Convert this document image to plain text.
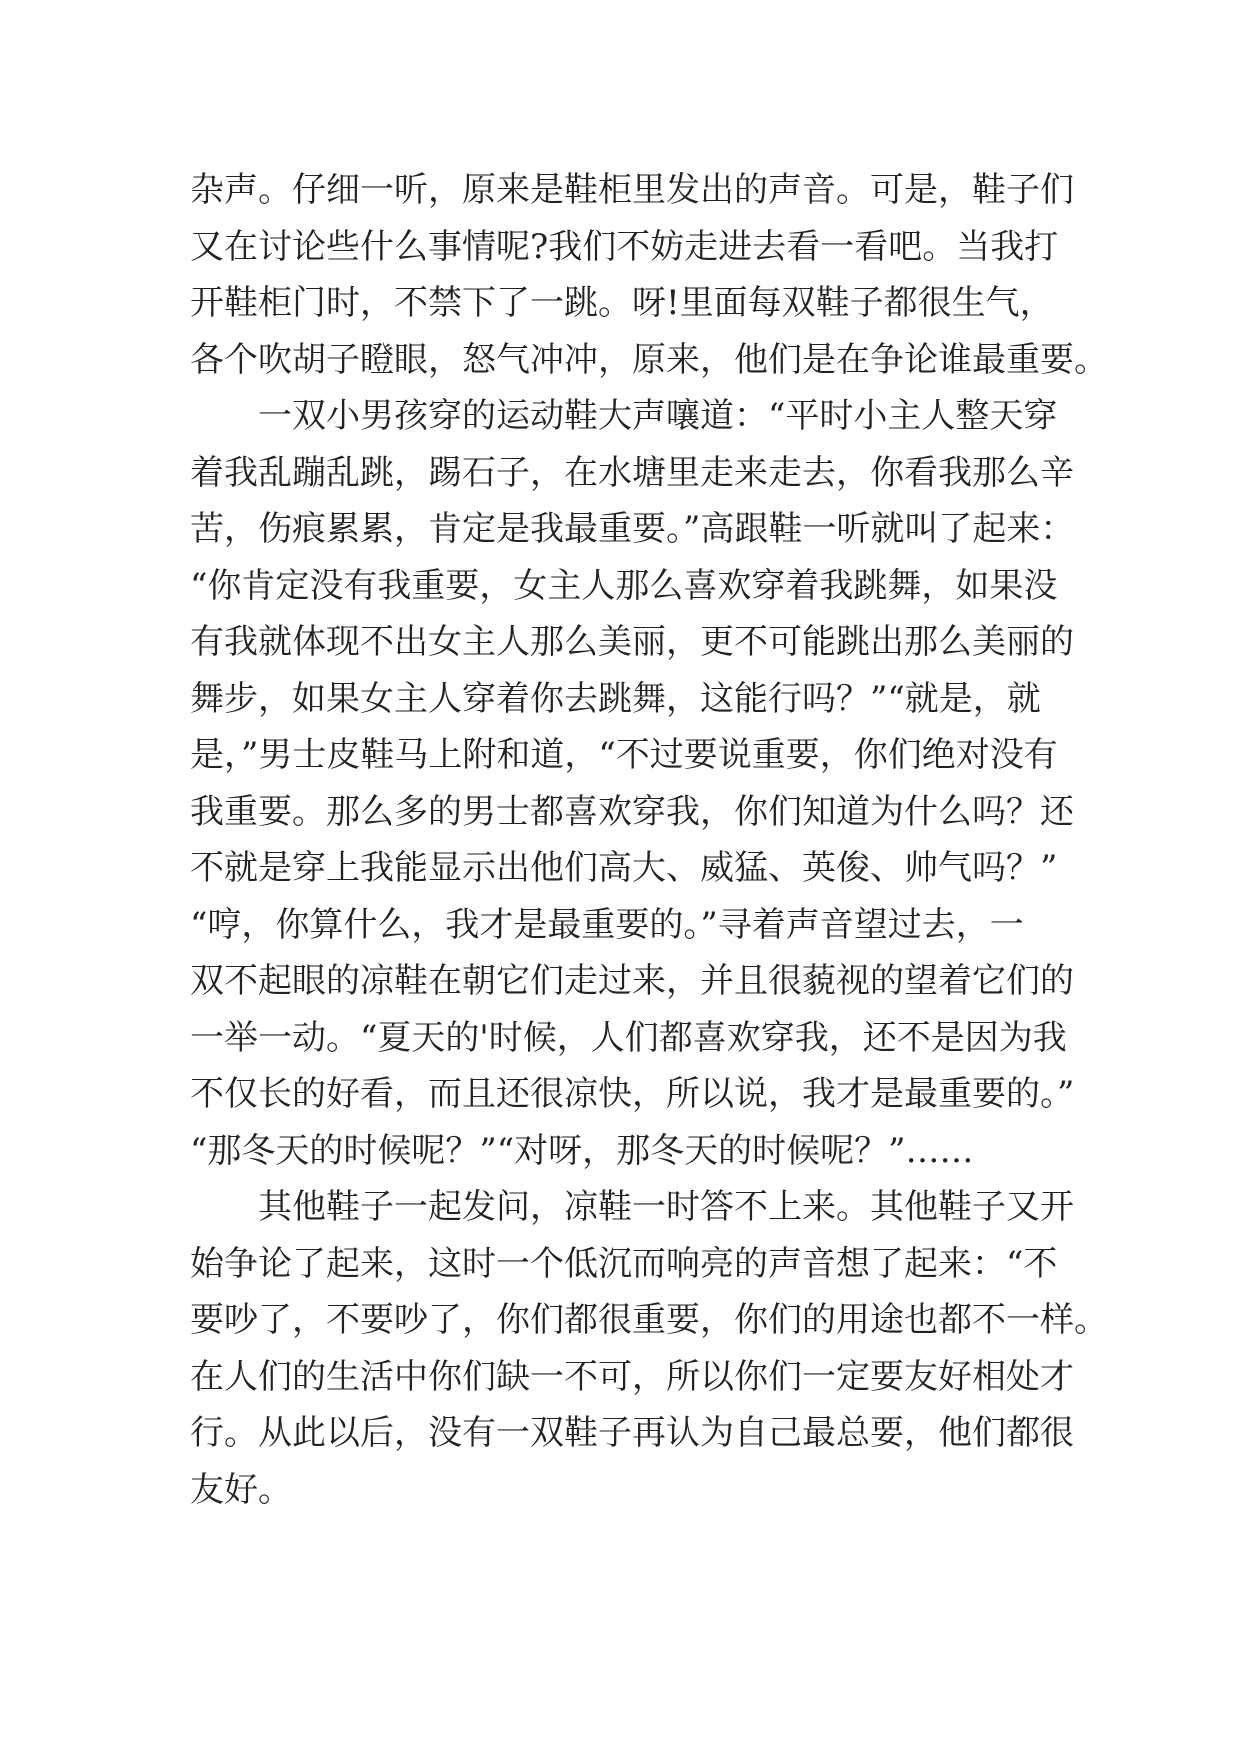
杂声。仔细一听，原来是鞋柜里发出的声音。可是，鞋子们
又在讨论些什么事情呢?我们不妨走进去看一看吧。当我打
开鞋柜门时，不禁下了一跳。呀!里面每双鞋子都很生气，
各个吹胡子瞪眼，怒气冲冲，原来，他们是在争论谁最重要。

一双小男孩穿的运动鞋大声嚷道：“平时小主人整天穿
着我乱蹦乱跳，踢石子，在水塘里走来走去，你看我那么辛
苦，伤痕累累，肯定是我最重要。”高跟鞋一听就叫了起来：
“你肯定没有我重要，女主人那么喜欢穿着我跳舞，如果没
有我就体现不出女主人那么美丽，更不可能跳出那么美丽的
舞步，如果女主人穿着你去跳舞，这能行吗？”“就是，就
是，”男士皮鞋马上附和道，“不过要说重要，你们绝对没有
我重要。那么多的男士都喜欢穿我，你们知道为什么吗？还
不就是穿上我能显示出他们高大、威猛、英俊、帅气吗？”
“哼，你算什么，我才是最重要的。”寻着声音望过去，一
双不起眼的凉鞋在朝它们走过来，并且很藐视的望着它们的
一举一动。“夏天的'时候，人们都喜欢穿我，还不是因为我
不仅长的好看，而且还很凉快，所以说，我才是最重要的。”
“那冬天的时候呢？”“对呀，那冬天的时候呢？”……

其他鞋子一起发问，凉鞋一时答不上来。其他鞋子又开
始争论了起来，这时一个低沉而响亮的声音想了起来：“不
要吵了，不要吵了，你们都很重要，你们的用途也都不一样。
在人们的生活中你们缺一不可，所以你们一定要友好相处才
行。从此以后，没有一双鞋子再认为自己最总要，他们都很
友好。
